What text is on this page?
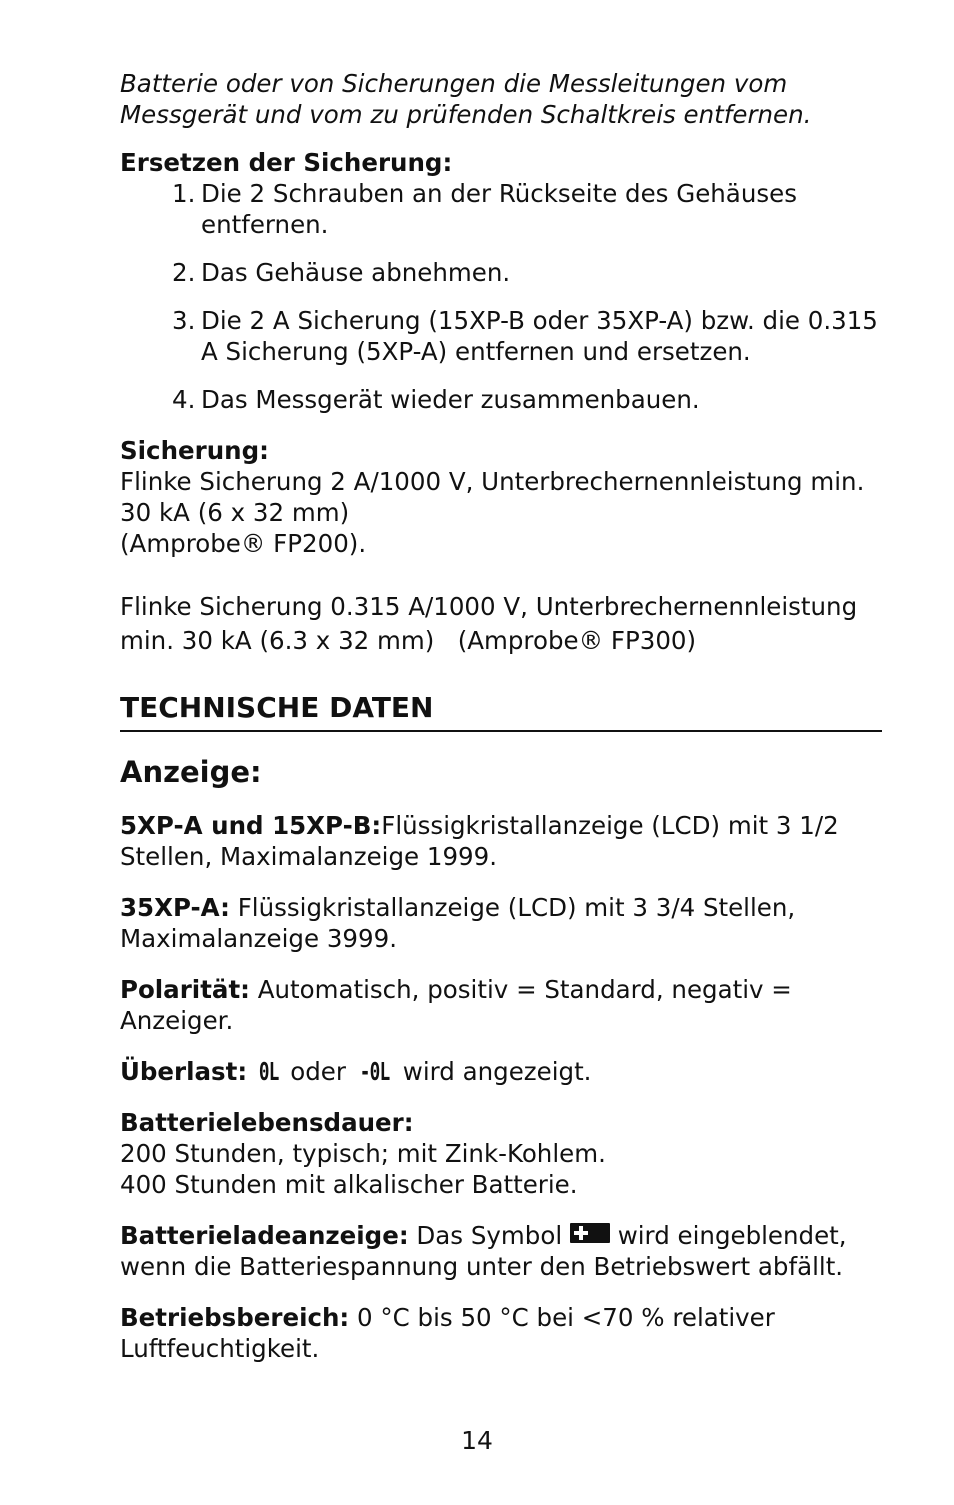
Batterie oder von Sicherungen die Messleitungen vom Messgerät und vom zu prüfenden Schaltkreis entfernen.
Ersetzen der Sicherung:
1. Die 2 Schrauben an der Rückseite des Gehäuses entfernen.
2. Das Gehäuse abnehmen.
3. Die 2 A Sicherung (15XP-B oder 35XP-A) bzw. die 0.315 A Sicherung (5XP-A) entfernen und ersetzen.
4. Das Messgerät wieder zusammenbauen.
Sicherung:
Flinke Sicherung 2 A/1000 V, Unterbrechernennleistung min.
30 kA (6 x 32 mm)
(Amprobe® FP200).
Flinke Sicherung 0.315 A/1000 V, Unterbrechernennleistung
min. 30 kA (6.3 x 32 mm)   (Amprobe® FP300)
TECHNISCHE DATEN
Anzeige:
5XP-A und 15XP-B:Flüssigkristallanzeige (LCD) mit 3 1/2 Stellen, Maximalanzeige 1999.
35XP-A: Flüssigkristallanzeige (LCD) mit 3 3/4 Stellen, Maximalanzeige 3999.
Polarität: Automatisch, positiv = Standard, negativ = Anzeiger.
Überlast: 0L oder -0L wird angezeigt.
Batterielebensdauer:
200 Stunden, typisch; mit Zink-Kohlem.
400 Stunden mit alkalischer Batterie.
Batterieladeanzeige: Das Symbol  wird eingeblendet, wenn die Batteriespannung unter den Betriebswert abfällt.
Betriebsbereich: 0 °C bis 50 °C bei <70 % relativer Luftfeuchtigkeit.
14
